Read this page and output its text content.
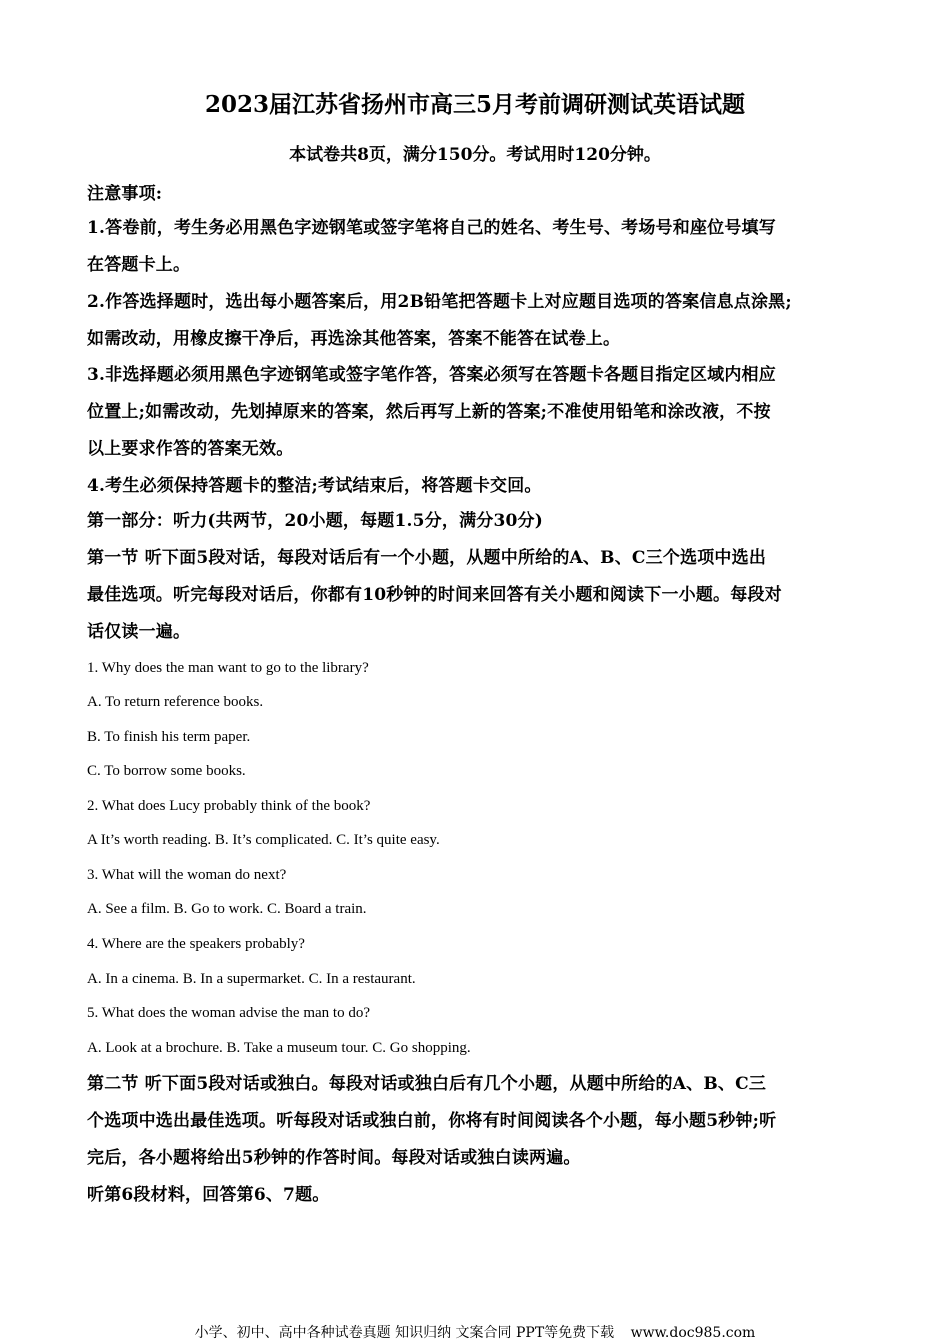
2023届江苏省扬州市高三5月考前调研测试英语试题
本试卷共8页，满分150分。考试用时120分钟。
注意事项:
1.答卷前，考生务必用黑色字迹钢笔或签字笔将自己的姓名、考生号、考场号和座位号填写
在答题卡上。
2.作答选择题时，选出每小题答案后，用2B铅笔把答题卡上对应题目选项的答案信息点涂黑;
如需改动，用橡皮擦干净后，再选涂其他答案，答案不能答在试卷上。
3.非选择题必须用黑色字迹钢笔或签字笔作答，答案必须写在答题卡各题目指定区域内相应
位置上;如需改动，先划掉原来的答案，然后再写上新的答案;不准使用铅笔和涂改液，不按
以上要求作答的答案无效。
4.考生必须保持答题卡的整洁;考试结束后，将答题卡交回。
第一部分：听力(共两节，20小题，每题1.5分，满分30分)
第一节 听下面5段对话，每段对话后有一个小题，从题中所给的A、B、C三个选项中选出
最佳选项。听完每段对话后，你都有10秒钟的时间来回答有关小题和阅读下一小题。每段对
话仅读一遍。
1. Why does the man want to go to the library?
A. To return reference books.
B. To finish his term paper.
C. To borrow some books.
2. What does Lucy probably think of the book?
A It’s worth reading. B. It’s complicated. C. It’s quite easy.
3. What will the woman do next?
A. See a film. B. Go to work. C. Board a train.
4. Where are the speakers probably?
A. In a cinema. B. In a supermarket. C. In a restaurant.
5. What does the woman advise the man to do?
A. Look at a brochure. B. Take a museum tour. C. Go shopping.
第二节 听下面5段对话或独白。每段对话或独白后有几个小题，从题中所给的A、B、C三
个选项中选出最佳选项。听每段对话或独白前，你将有时间阅读各个小题，每小题5秒钟;听
完后，各小题将给出5秒钟的作答时间。每段对话或独白读两遍。
听第6段材料，回答第6、7题。
小学、初中、高中各种试卷真题 知识归纳 文案合同 PPT等免费下载 www.doc985.com
